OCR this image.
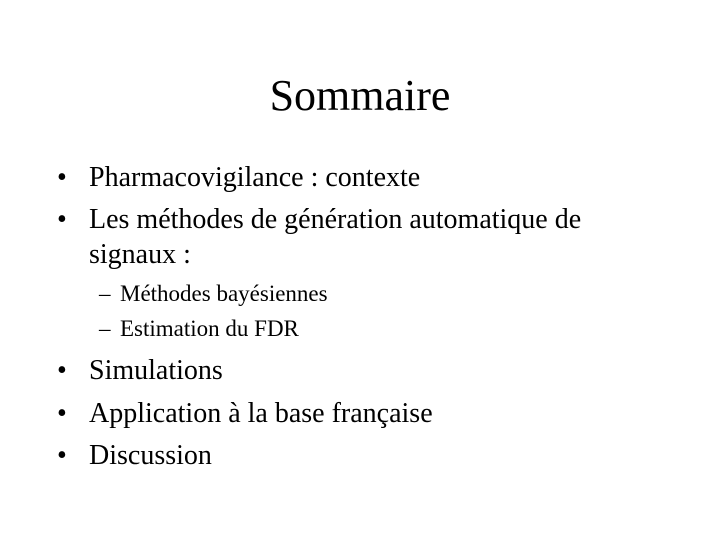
Sommaire
• Pharmacovigilance : contexte
• Les méthodes de génération automatique de signaux :
– Méthodes bayésiennes
– Estimation du FDR
• Simulations
• Application à la base française
• Discussion
